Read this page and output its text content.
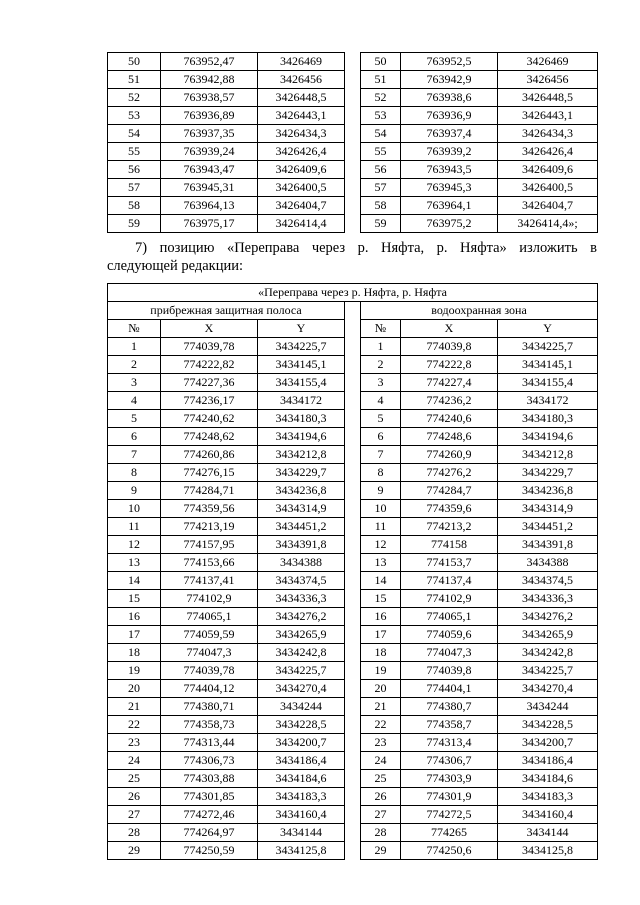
50	763952,47	3426469		50	763952,5	3426469
51	763942,88	3426456		51	763942,9	3426456
52	763938,57	3426448,5		52	763938,6	3426448,5
53	763936,89	3426443,1		53	763936,9	3426443,1
54	763937,35	3426434,3		54	763937,4	3426434,3
55	763939,24	3426426,4		55	763939,2	3426426,4
56	763943,47	3426409,6		56	763943,5	3426409,6
57	763945,31	3426400,5		57	763945,3	3426400,5
58	763964,13	3426404,7		58	763964,1	3426404,7
59	763975,17	3426414,4		59	763975,2	3426414,4»;
7) позицию «Переправа через р. Няфта, р. Няфта» изложить в
следующей редакции:
«Переправа через р. Няфта, р. Няфта						
прибрежная защитная полоса				водоохранная зона		
№	X	Y		№	X	Y
1	774039,78	3434225,7		1	774039,8	3434225,7
2	774222,82	3434145,1		2	774222,8	3434145,1
3	774227,36	3434155,4		3	774227,4	3434155,4
4	774236,17	3434172		4	774236,2	3434172
5	774240,62	3434180,3		5	774240,6	3434180,3
6	774248,62	3434194,6		6	774248,6	3434194,6
7	774260,86	3434212,8		7	774260,9	3434212,8
8	774276,15	3434229,7		8	774276,2	3434229,7
9	774284,71	3434236,8		9	774284,7	3434236,8
10	774359,56	3434314,9		10	774359,6	3434314,9
11	774213,19	3434451,2		11	774213,2	3434451,2
12	774157,95	3434391,8		12	774158	3434391,8
13	774153,66	3434388		13	774153,7	3434388
14	774137,41	3434374,5		14	774137,4	3434374,5
15	774102,9	3434336,3		15	774102,9	3434336,3
16	774065,1	3434276,2		16	774065,1	3434276,2
17	774059,59	3434265,9		17	774059,6	3434265,9
18	774047,3	3434242,8		18	774047,3	3434242,8
19	774039,78	3434225,7		19	774039,8	3434225,7
20	774404,12	3434270,4		20	774404,1	3434270,4
21	774380,71	3434244		21	774380,7	3434244
22	774358,73	3434228,5		22	774358,7	3434228,5
23	774313,44	3434200,7		23	774313,4	3434200,7
24	774306,73	3434186,4		24	774306,7	3434186,4
25	774303,88	3434184,6		25	774303,9	3434184,6
26	774301,85	3434183,3		26	774301,9	3434183,3
27	774272,46	3434160,4		27	774272,5	3434160,4
28	774264,97	3434144		28	774265	3434144
29	774250,59	3434125,8		29	774250,6	3434125,8
